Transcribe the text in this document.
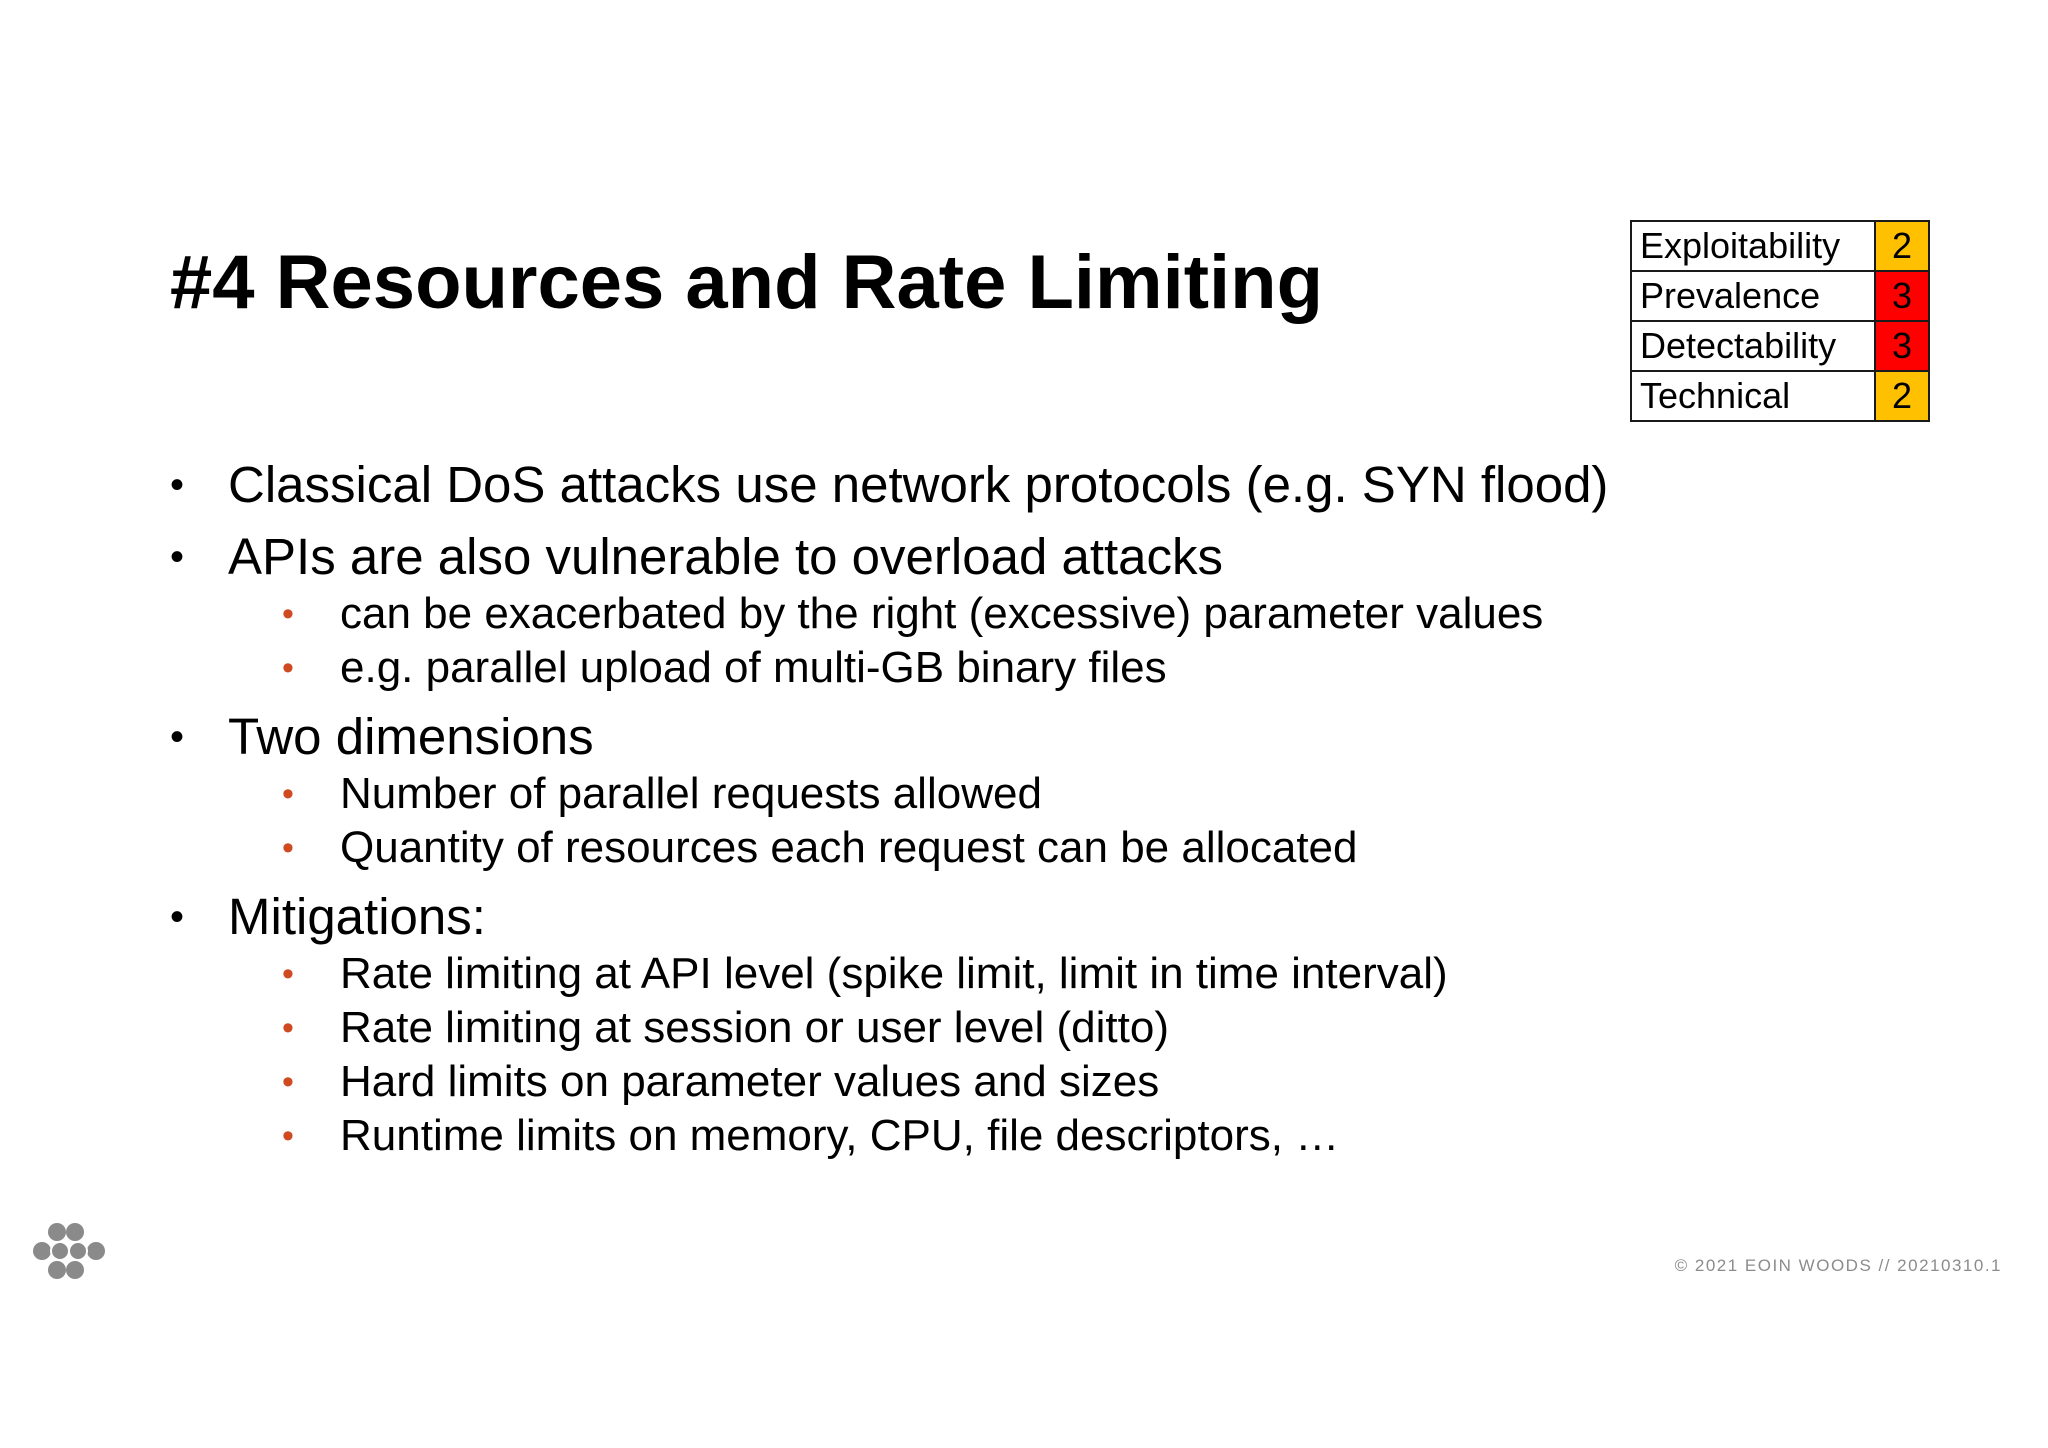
#4 Resources and Rate Limiting	Exploitability	2
Prevalence	3
Detectability	3
Technical	2
• Classical DoS attacks use network protocols (e.g. SYN flood)
• APIs are also vulnerable to overload attacks
• can be exacerbated by the right (excessive) parameter values
• e.g. parallel upload of multi-GB binary files
• Two dimensions
• Number of parallel requests allowed
• Quantity of resources each request can be allocated
• Mitigations:
• Rate limiting at API level (spike limit, limit in time interval)
• Rate limiting at session or user level (ditto)
• Hard limits on parameter values and sizes
• Runtime limits on memory, CPU, file descriptors, …
© 2021 EOIN WOODS // 20210310.1
